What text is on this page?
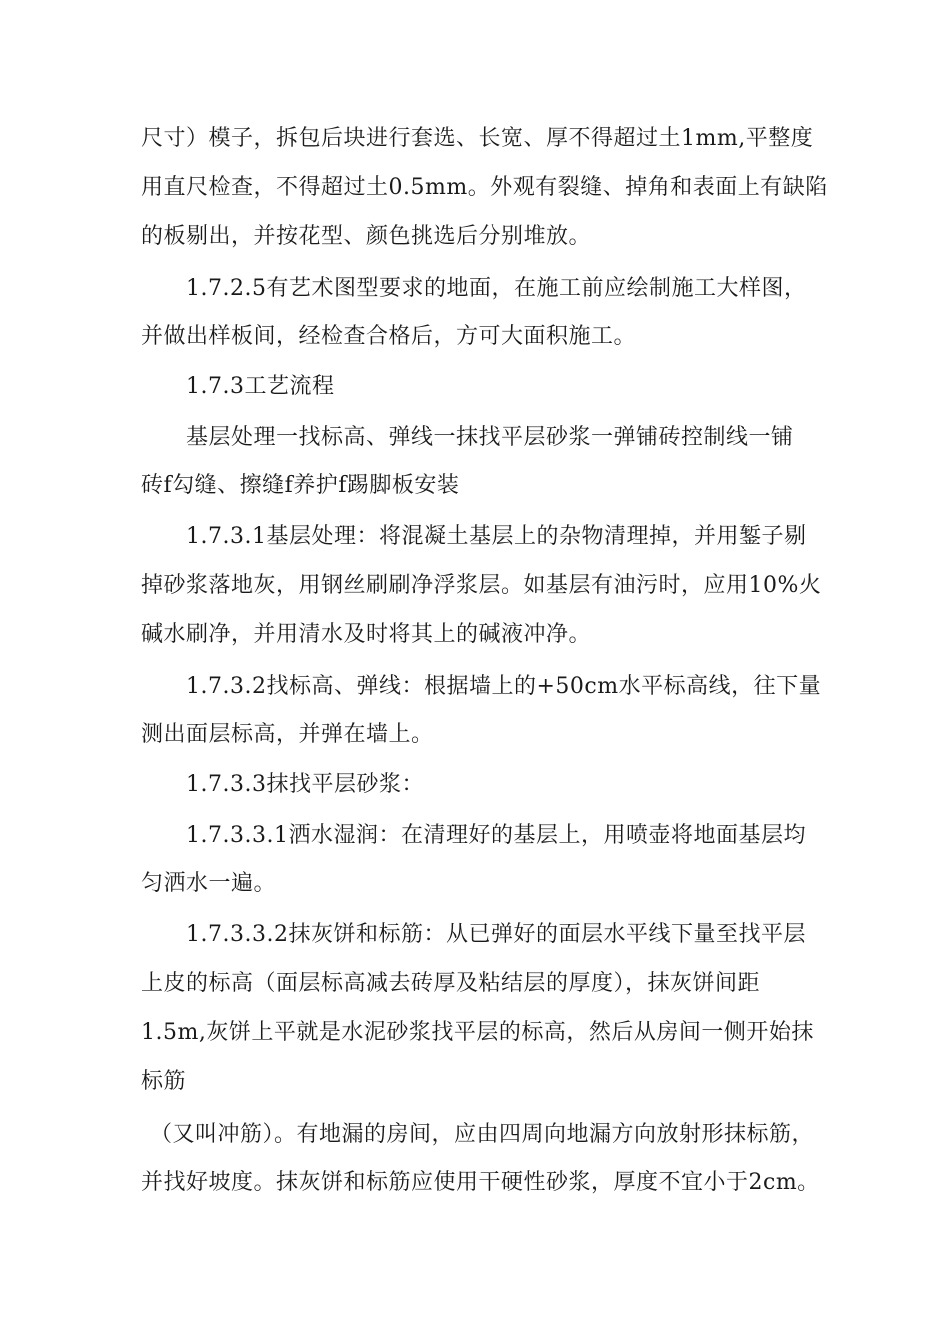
尺寸）模子，拆包后块进行套选、长宽、厚不得超过土1mm,平整度
用直尺检查，不得超过土0.5mm。外观有裂缝、掉角和表面上有缺陷
的板剔出，并按花型、颜色挑选后分别堆放。
1.7.2.5有艺术图型要求的地面，在施工前应绘制施工大样图，
并做出样板间，经检查合格后，方可大面积施工。
1.7.3工艺流程
基层处理一找标高、弹线一抹找平层砂浆一弹铺砖控制线一铺
砖f勾缝、擦缝f养护f踢脚板安装
1.7.3.1基层处理：将混凝土基层上的杂物清理掉，并用錾子剔
掉砂浆落地灰，用钢丝刷刷净浮浆层。如基层有油污时，应用10%火
碱水刷净，并用清水及时将其上的碱液冲净。
1.7.3.2找标高、弹线：根据墙上的+50cm水平标高线，往下量
测出面层标高，并弹在墙上。
1.7.3.3抹找平层砂浆：
1.7.3.3.1洒水湿润：在清理好的基层上，用喷壶将地面基层均
匀洒水一遍。
1.7.3.3.2抹灰饼和标筋：从已弹好的面层水平线下量至找平层
上皮的标高（面层标高减去砖厚及粘结层的厚度），抹灰饼间距
1.5m,灰饼上平就是水泥砂浆找平层的标高，然后从房间一侧开始抹
标筋
（又叫冲筋）。有地漏的房间，应由四周向地漏方向放射形抹标筋，
并找好坡度。抹灰饼和标筋应使用干硬性砂浆，厚度不宜小于2cm。
